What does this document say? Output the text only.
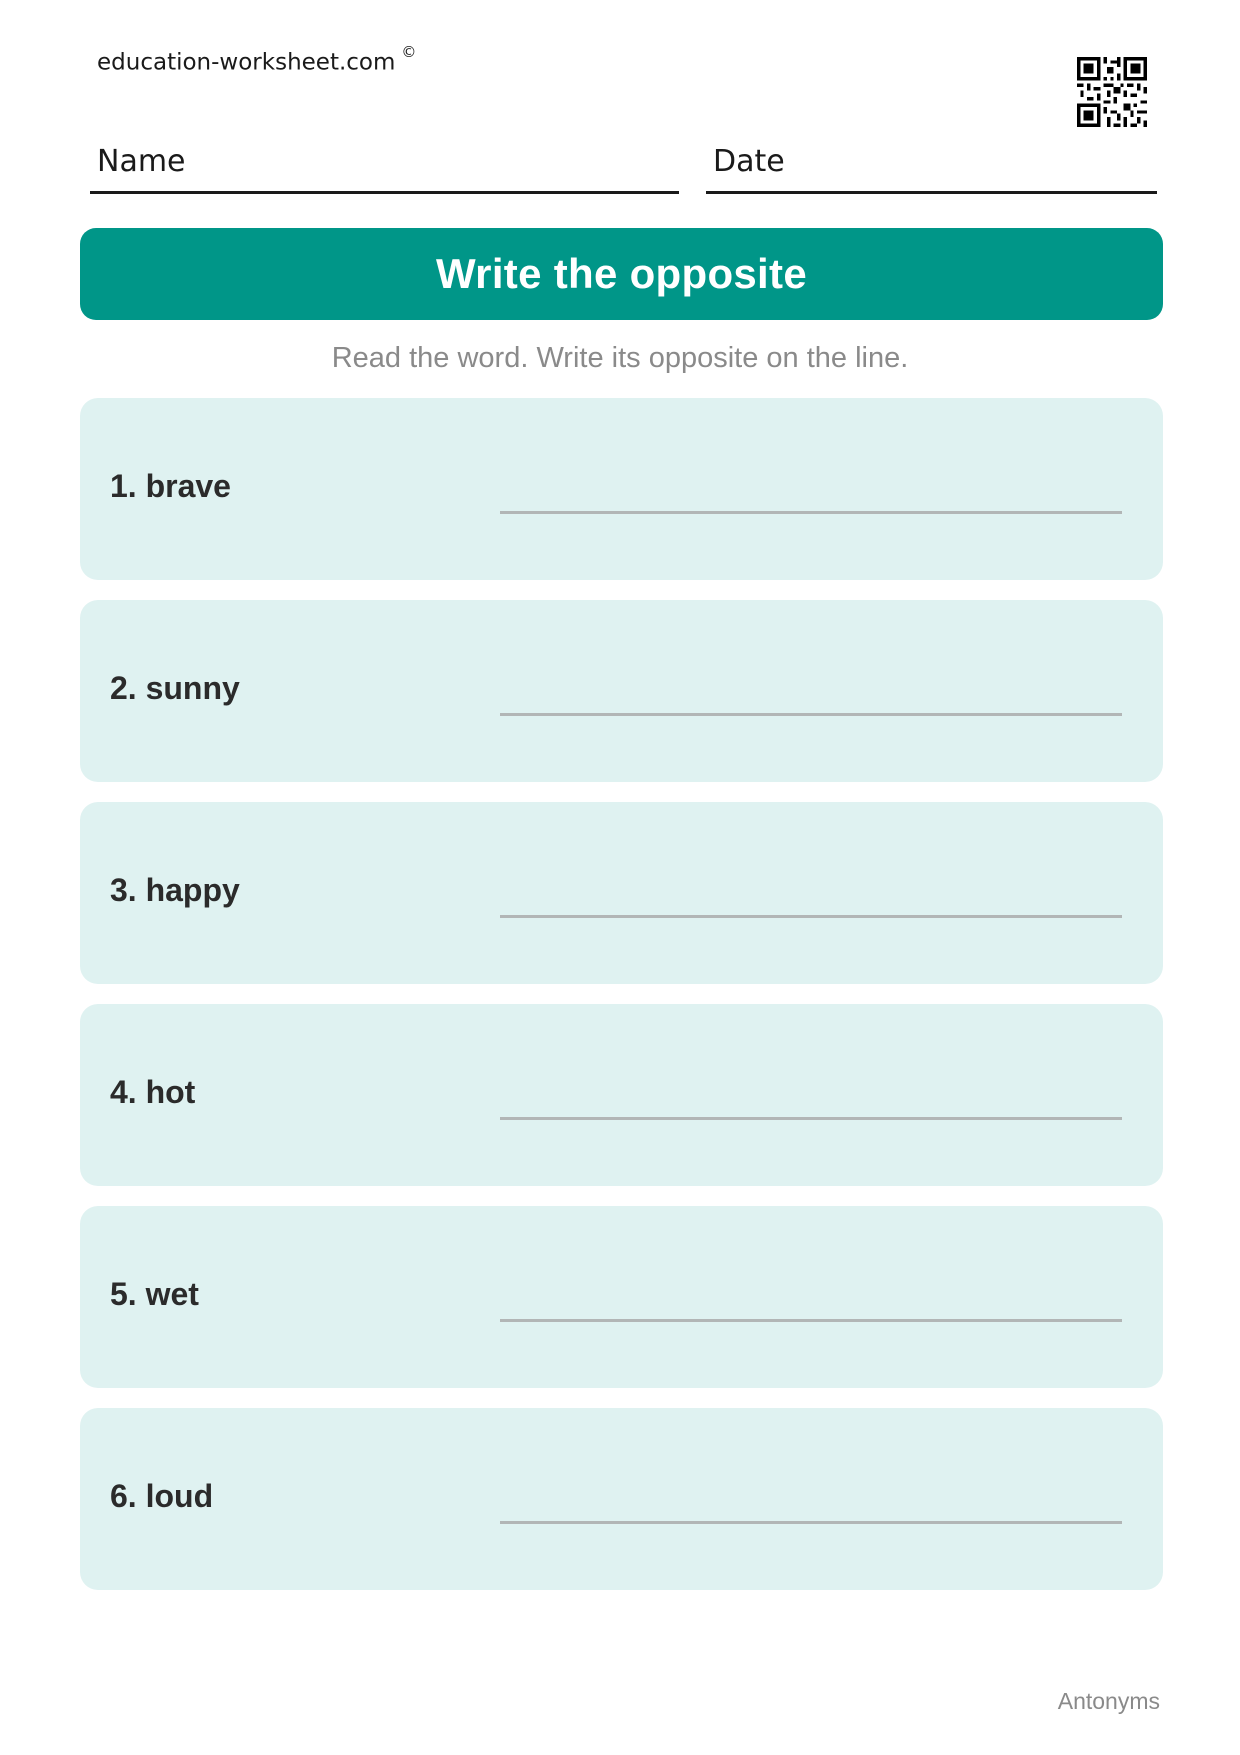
education-worksheet.com ©
Name	Date
Write the opposite
Read the word. Write its opposite on the line.
1. brave
2. sunny
3. happy
4. hot
5. wet
6. loud
Antonyms
